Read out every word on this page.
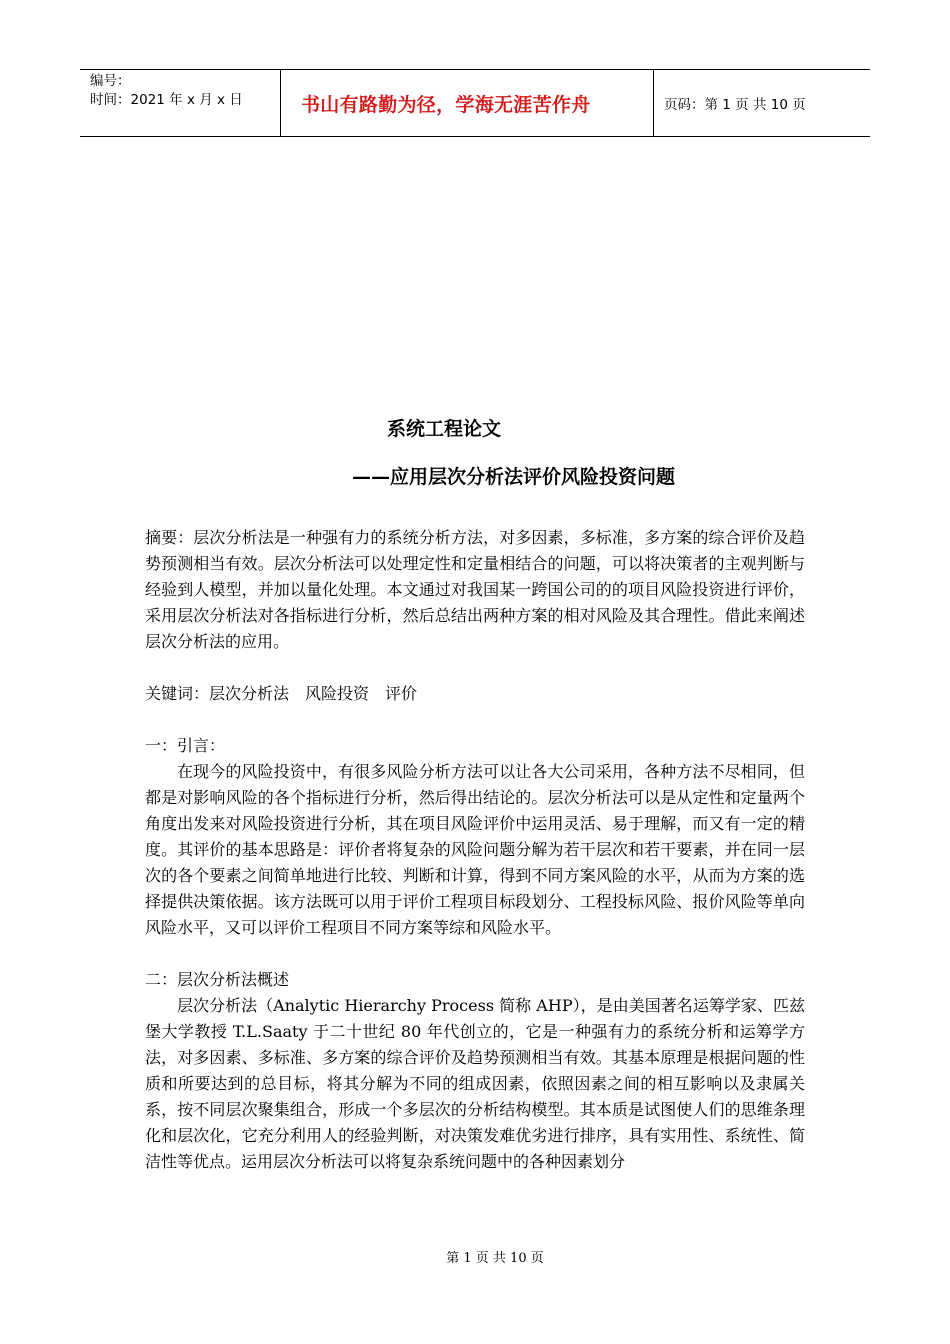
编号：
时间：2021 年 x 月 x 日	书山有路勤为径，学海无涯苦作舟	页码：第 1 页 共 10 页
系统工程论文
——应用层次分析法评价风险投资问题

摘要：层次分析法是一种强有力的系统分析方法，对多因素，多标准，多方案的综合评价及趋势预测相当有效。层次分析法可以处理定性和定量相结合的问题，可以将决策者的主观判断与经验到人模型，并加以量化处理。本文通过对我国某一跨国公司的的项目风险投资进行评价，采用层次分析法对各指标进行分析，然后总结出两种方案的相对风险及其合理性。借此来阐述层次分析法的应用。

关键词：层次分析法 风险投资 评价

一：引言：

在现今的风险投资中，有很多风险分析方法可以让各大公司采用，各种方法不尽相同，但都是对影响风险的各个指标进行分析，然后得出结论的。层次分析法可以是从定性和定量两个角度出发来对风险投资进行分析，其在项目风险评价中运用灵活、易于理解，而又有一定的精度。其评价的基本思路是：评价者将复杂的风险问题分解为若干层次和若干要素，并在同一层次的各个要素之间简单地进行比较、判断和计算，得到不同方案风险的水平，从而为方案的选择提供决策依据。该方法既可以用于评价工程项目标段划分、工程投标风险、报价风险等单向风险水平，又可以评价工程项目不同方案等综和风险水平。

二：层次分析法概述

层次分析法（Analytic Hierarchy Process 简称 AHP），是由美国著名运筹学家、匹兹堡大学教授 T.L.Saaty 于二十世纪 80 年代创立的，它是一种强有力的系统分析和运筹学方法，对多因素、多标准、多方案的综合评价及趋势预测相当有效。其基本原理是根据问题的性质和所要达到的总目标，将其分解为不同的组成因素，依照因素之间的相互影响以及隶属关系，按不同层次聚集组合，形成一个多层次的分析结构模型。其本质是试图使人们的思维条理化和层次化，它充分利用人的经验判断，对决策发难优劣进行排序，具有实用性、系统性、简洁性等优点。运用层次分析法可以将复杂系统问题中的各种因素划分

第 1 页 共 10 页
